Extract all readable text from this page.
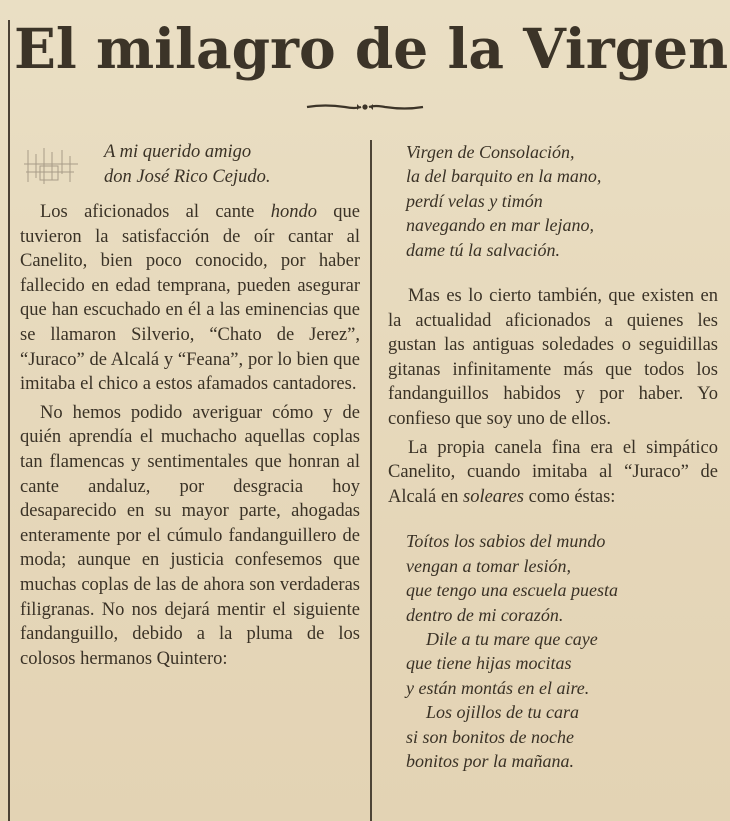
El milagro de la Virgen

A mi querido amigo
don José Rico Cejudo.

Los aficionados al cante hondo que tuvieron la satisfacción de oír cantar al Canelito, bien poco conocido, por haber fallecido en edad temprana, pueden asegurar que han escuchado en él a las eminencias que se llamaron Silverio, “Chato de Jerez”, “Juraco” de Alcalá y “Feana”, por lo bien que imitaba el chico a estos afamados cantadores.

No hemos podido averiguar cómo y de quién aprendía el muchacho aquellas coplas tan flamencas y sentimentales que honran al cante andaluz, por desgracia hoy desaparecido en su mayor parte, ahogadas enteramente por el cúmulo fandanguillero de moda; aunque en justicia confesemos que muchas coplas de las de ahora son verdaderas filigranas. No nos dejará mentir el siguiente fandanguillo, debido a la pluma de los colosos hermanos Quintero:

Virgen de Consolación,
la del barquito en la mano,
perdí velas y timón
navegando en mar lejano,
dame tú la salvación.

Mas es lo cierto también, que existen en la actualidad aficionados a quienes les gustan las antiguas soledades o seguidillas gitanas infinitamente más que todos los fandanguillos habidos y por haber. Yo confieso que soy uno de ellos.

La propia canela fina era el simpático Canelito, cuando imitaba al “Juraco” de Alcalá en soleares como éstas:

Toítos los sabios del mundo
vengan a tomar lesión,
que tengo una escuela puesta
dentro de mi corazón.
Dile a tu mare que caye
que tiene hijas mocitas
y están montás en el aire.
Los ojillos de tu cara
si son bonitos de noche
bonitos por la mañana.
